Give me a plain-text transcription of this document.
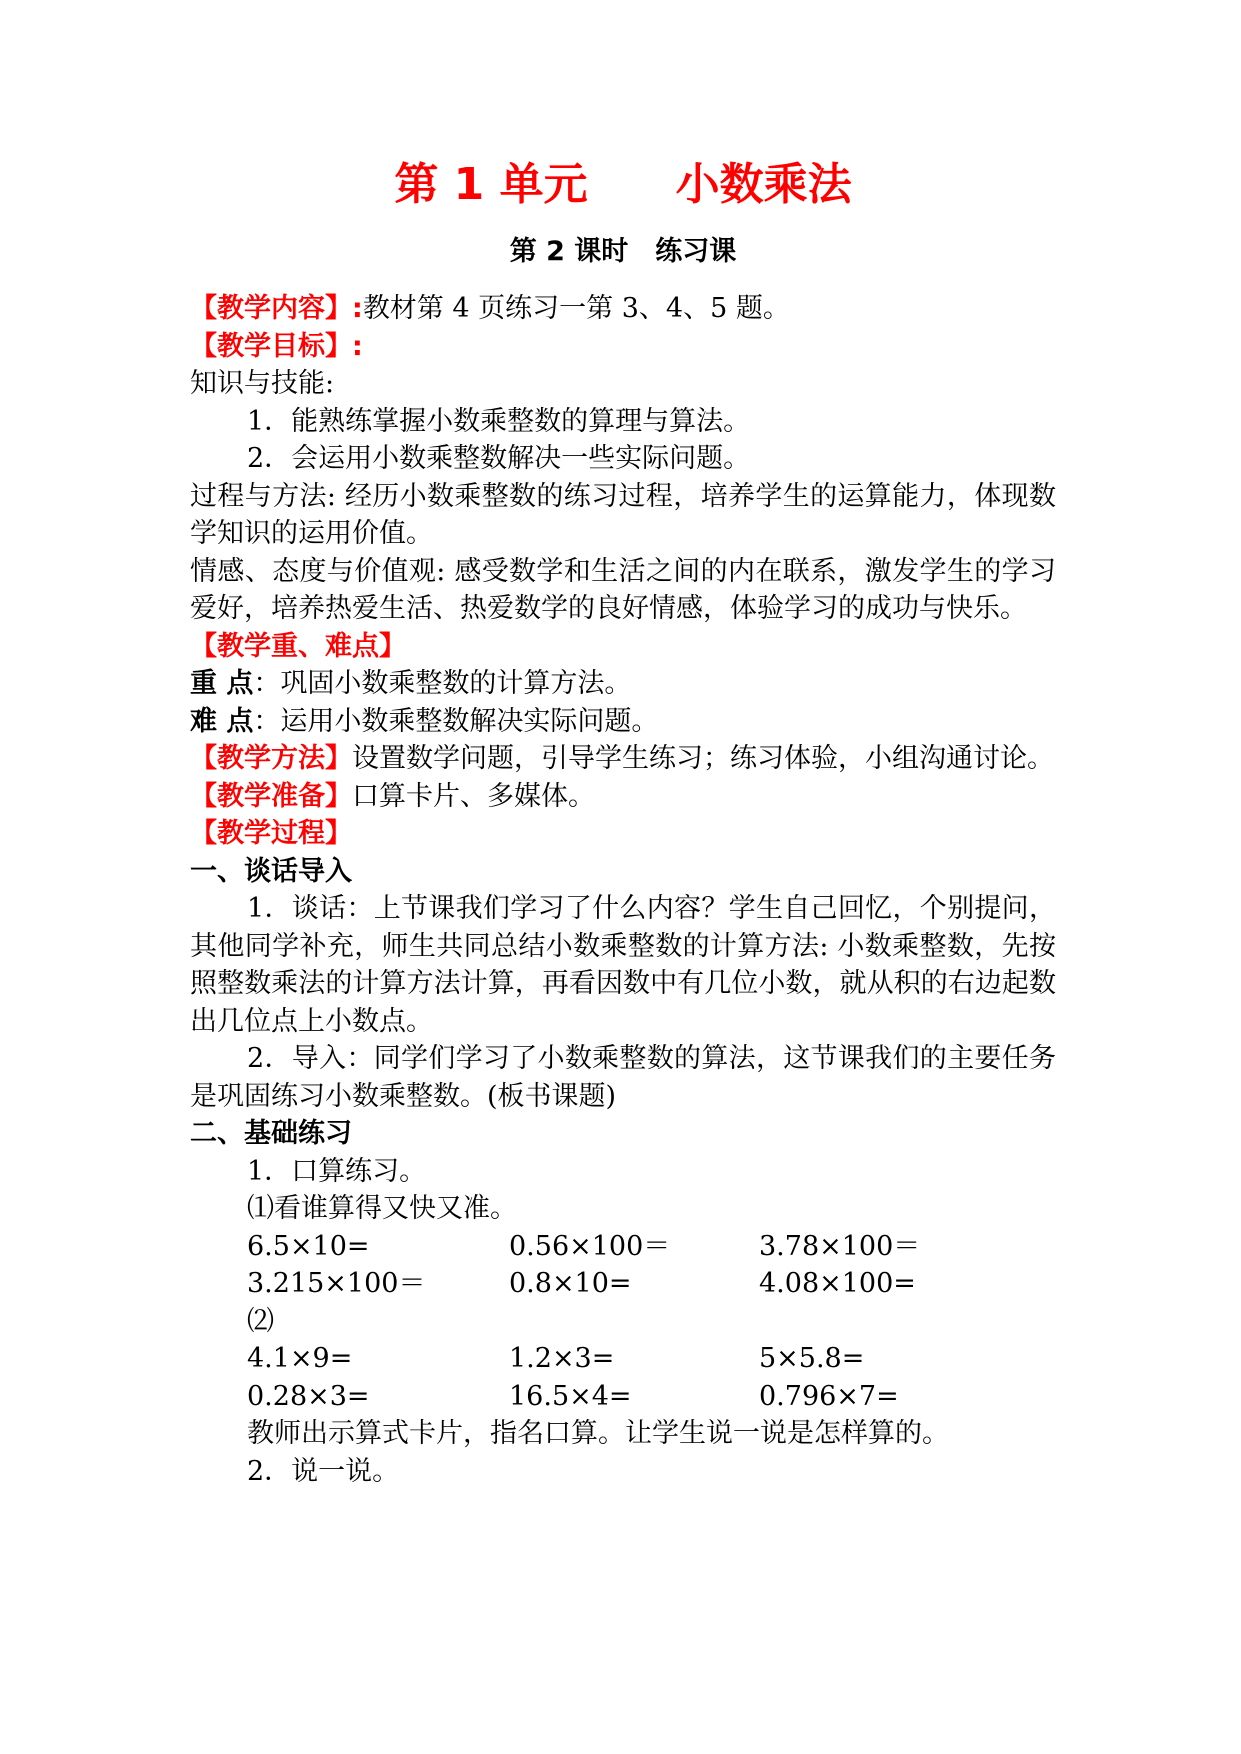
第 1 单元　　小数乘法
第 2 课时　练习课

【教学内容】:教材第 4 页练习一第 3、4、5 题。

【教学目标】:

知识与技能:

1．能熟练掌握小数乘整数的算理与算法。

2．会运用小数乘整数解决一些实际问题。

过程与方法: 经历小数乘整数的练习过程，培养学生的运算能力，体现数学知识的运用价值。

情感、态度与价值观: 感受数学和生活之间的内在联系，激发学生的学习爱好，培养热爱生活、热爱数学的良好情感，体验学习的成功与快乐。

【教学重、难点】

重 点：巩固小数乘整数的计算方法。

难 点：运用小数乘整数解决实际问题。

【教学方法】设置数学问题，引导学生练习；练习体验，小组沟通讨论。

【教学准备】口算卡片、多媒体。

【教学过程】

一、谈话导入

1．谈话：上节课我们学习了什么内容？学生自己回忆，个别提问，其他同学补充，师生共同总结小数乘整数的计算方法: 小数乘整数，先按照整数乘法的计算方法计算，再看因数中有几位小数，就从积的右边起数出几位点上小数点。

2．导入：同学们学习了小数乘整数的算法，这节课我们的主要任务是巩固练习小数乘整数。(板书课题)

二、基础练习

1．口算练习。

⑴看谁算得又快又准。

6.5×10=	0.56×100＝	3.78×100＝
3.215×100＝	0.8×10=	4.08×100=

⑵

4.1×9=	1.2×3=	5×5.8=
0.28×3=	16.5×4=	0.796×7=

教师出示算式卡片，指名口算。让学生说一说是怎样算的。

2．说一说。
